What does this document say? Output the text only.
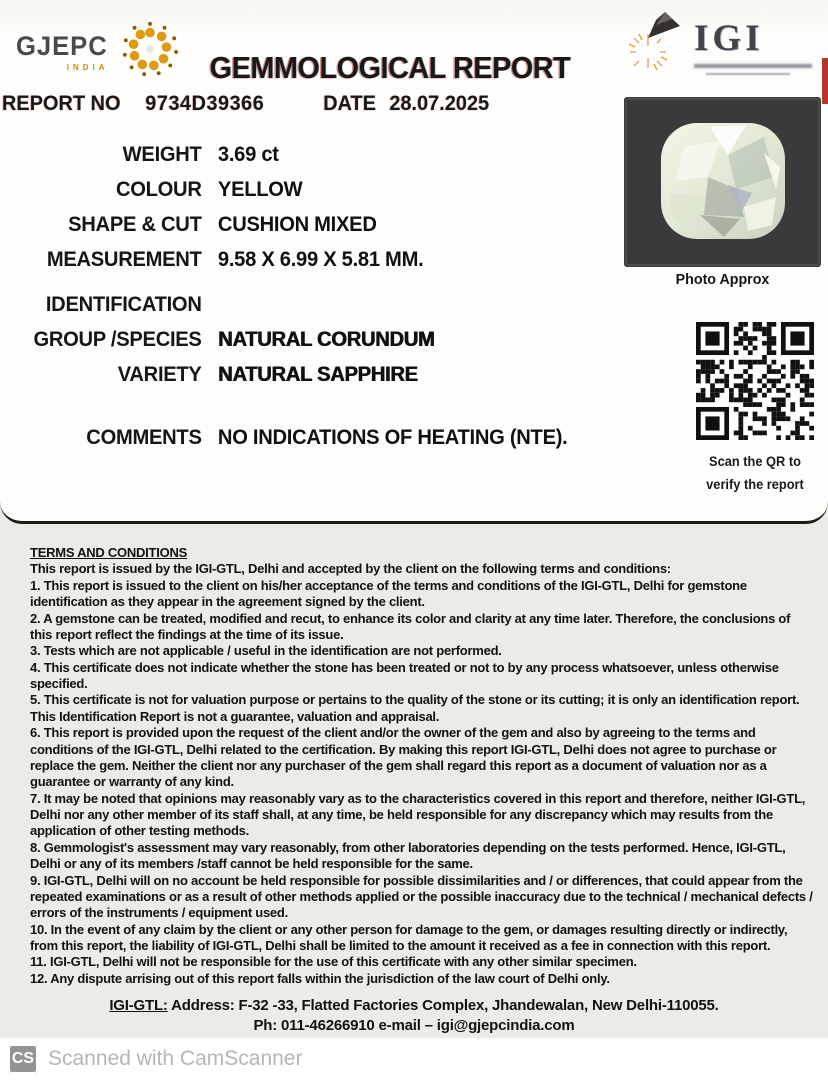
GJEPC
INDIA
IGI
GEMMOLOGICAL REPORT
REPORT NO 9734D39366	DATE 28.07.2025
WEIGHT 3.69 ct
COLOUR YELLOW
SHAPE & CUT CUSHION MIXED
MEASUREMENT 9.58 X 6.99 X 5.81 MM.
IDENTIFICATION
GROUP /SPECIES NATURAL CORUNDUM
VARIETY NATURAL SAPPHIRE
COMMENTS NO INDICATIONS OF HEATING (NTE).
Photo Approx
Scan the QR to
verify the report

TERMS AND CONDITIONS

This report is issued by the IGI-GTL, Delhi and accepted by the client on the following terms and conditions:

1. This report is issued to the client on his/her acceptance of the terms and conditions of the IGI-GTL, Delhi for gemstone identification as they appear in the agreement signed by the client.

2. A gemstone can be treated, modified and recut, to enhance its color and clarity at any time later. Therefore, the conclusions of this report reflect the findings at the time of its issue.

3. Tests which are not applicable / useful in the identification are not performed.

4. This certificate does not indicate whether the stone has been treated or not to by any process whatsoever, unless otherwise specified.

5. This certificate is not for valuation purpose or pertains to the quality of the stone or its cutting; it is only an identification report. This Identification Report is not a guarantee, valuation and appraisal.

6. This report is provided upon the request of the client and/or the owner of the gem and also by agreeing to the terms and conditions of the IGI-GTL, Delhi related to the certification. By making this report IGI-GTL, Delhi does not agree to purchase or replace the gem. Neither the client nor any purchaser of the gem shall regard this report as a document of valuation nor as a guarantee or warranty of any kind.

7. It may be noted that opinions may reasonably vary as to the characteristics covered in this report and therefore, neither IGI-GTL, Delhi nor any other member of its staff shall, at any time, be held responsible for any discrepancy which may results from the application of other testing methods.

8. Gemmologist's assessment may vary reasonably, from other laboratories depending on the tests performed. Hence, IGI-GTL, Delhi or any of its members /staff cannot be held responsible for the same.

9. IGI-GTL, Delhi will on no account be held responsible for possible dissimilarities and / or differences, that could appear from the repeated examinations or as a result of other methods applied or the possible inaccuracy due to the technical / mechanical defects / errors of the instruments / equipment used.

10. In the event of any claim by the client or any other person for damage to the gem, or damages resulting directly or indirectly, from this report, the liability of IGI-GTL, Delhi shall be limited to the amount it received as a fee in connection with this report.

11. IGI-GTL, Delhi will not be responsible for the use of this certificate with any other similar specimen.

12. Any dispute arrising out of this report falls within the jurisdiction of the law court of Delhi only.

IGI-GTL: Address: F-32 -33, Flatted Factories Complex, Jhandewalan, New Delhi-110055.
Ph: 011-46266910 e-mail – igi@gjepcindia.com
CS Scanned with CamScanner
